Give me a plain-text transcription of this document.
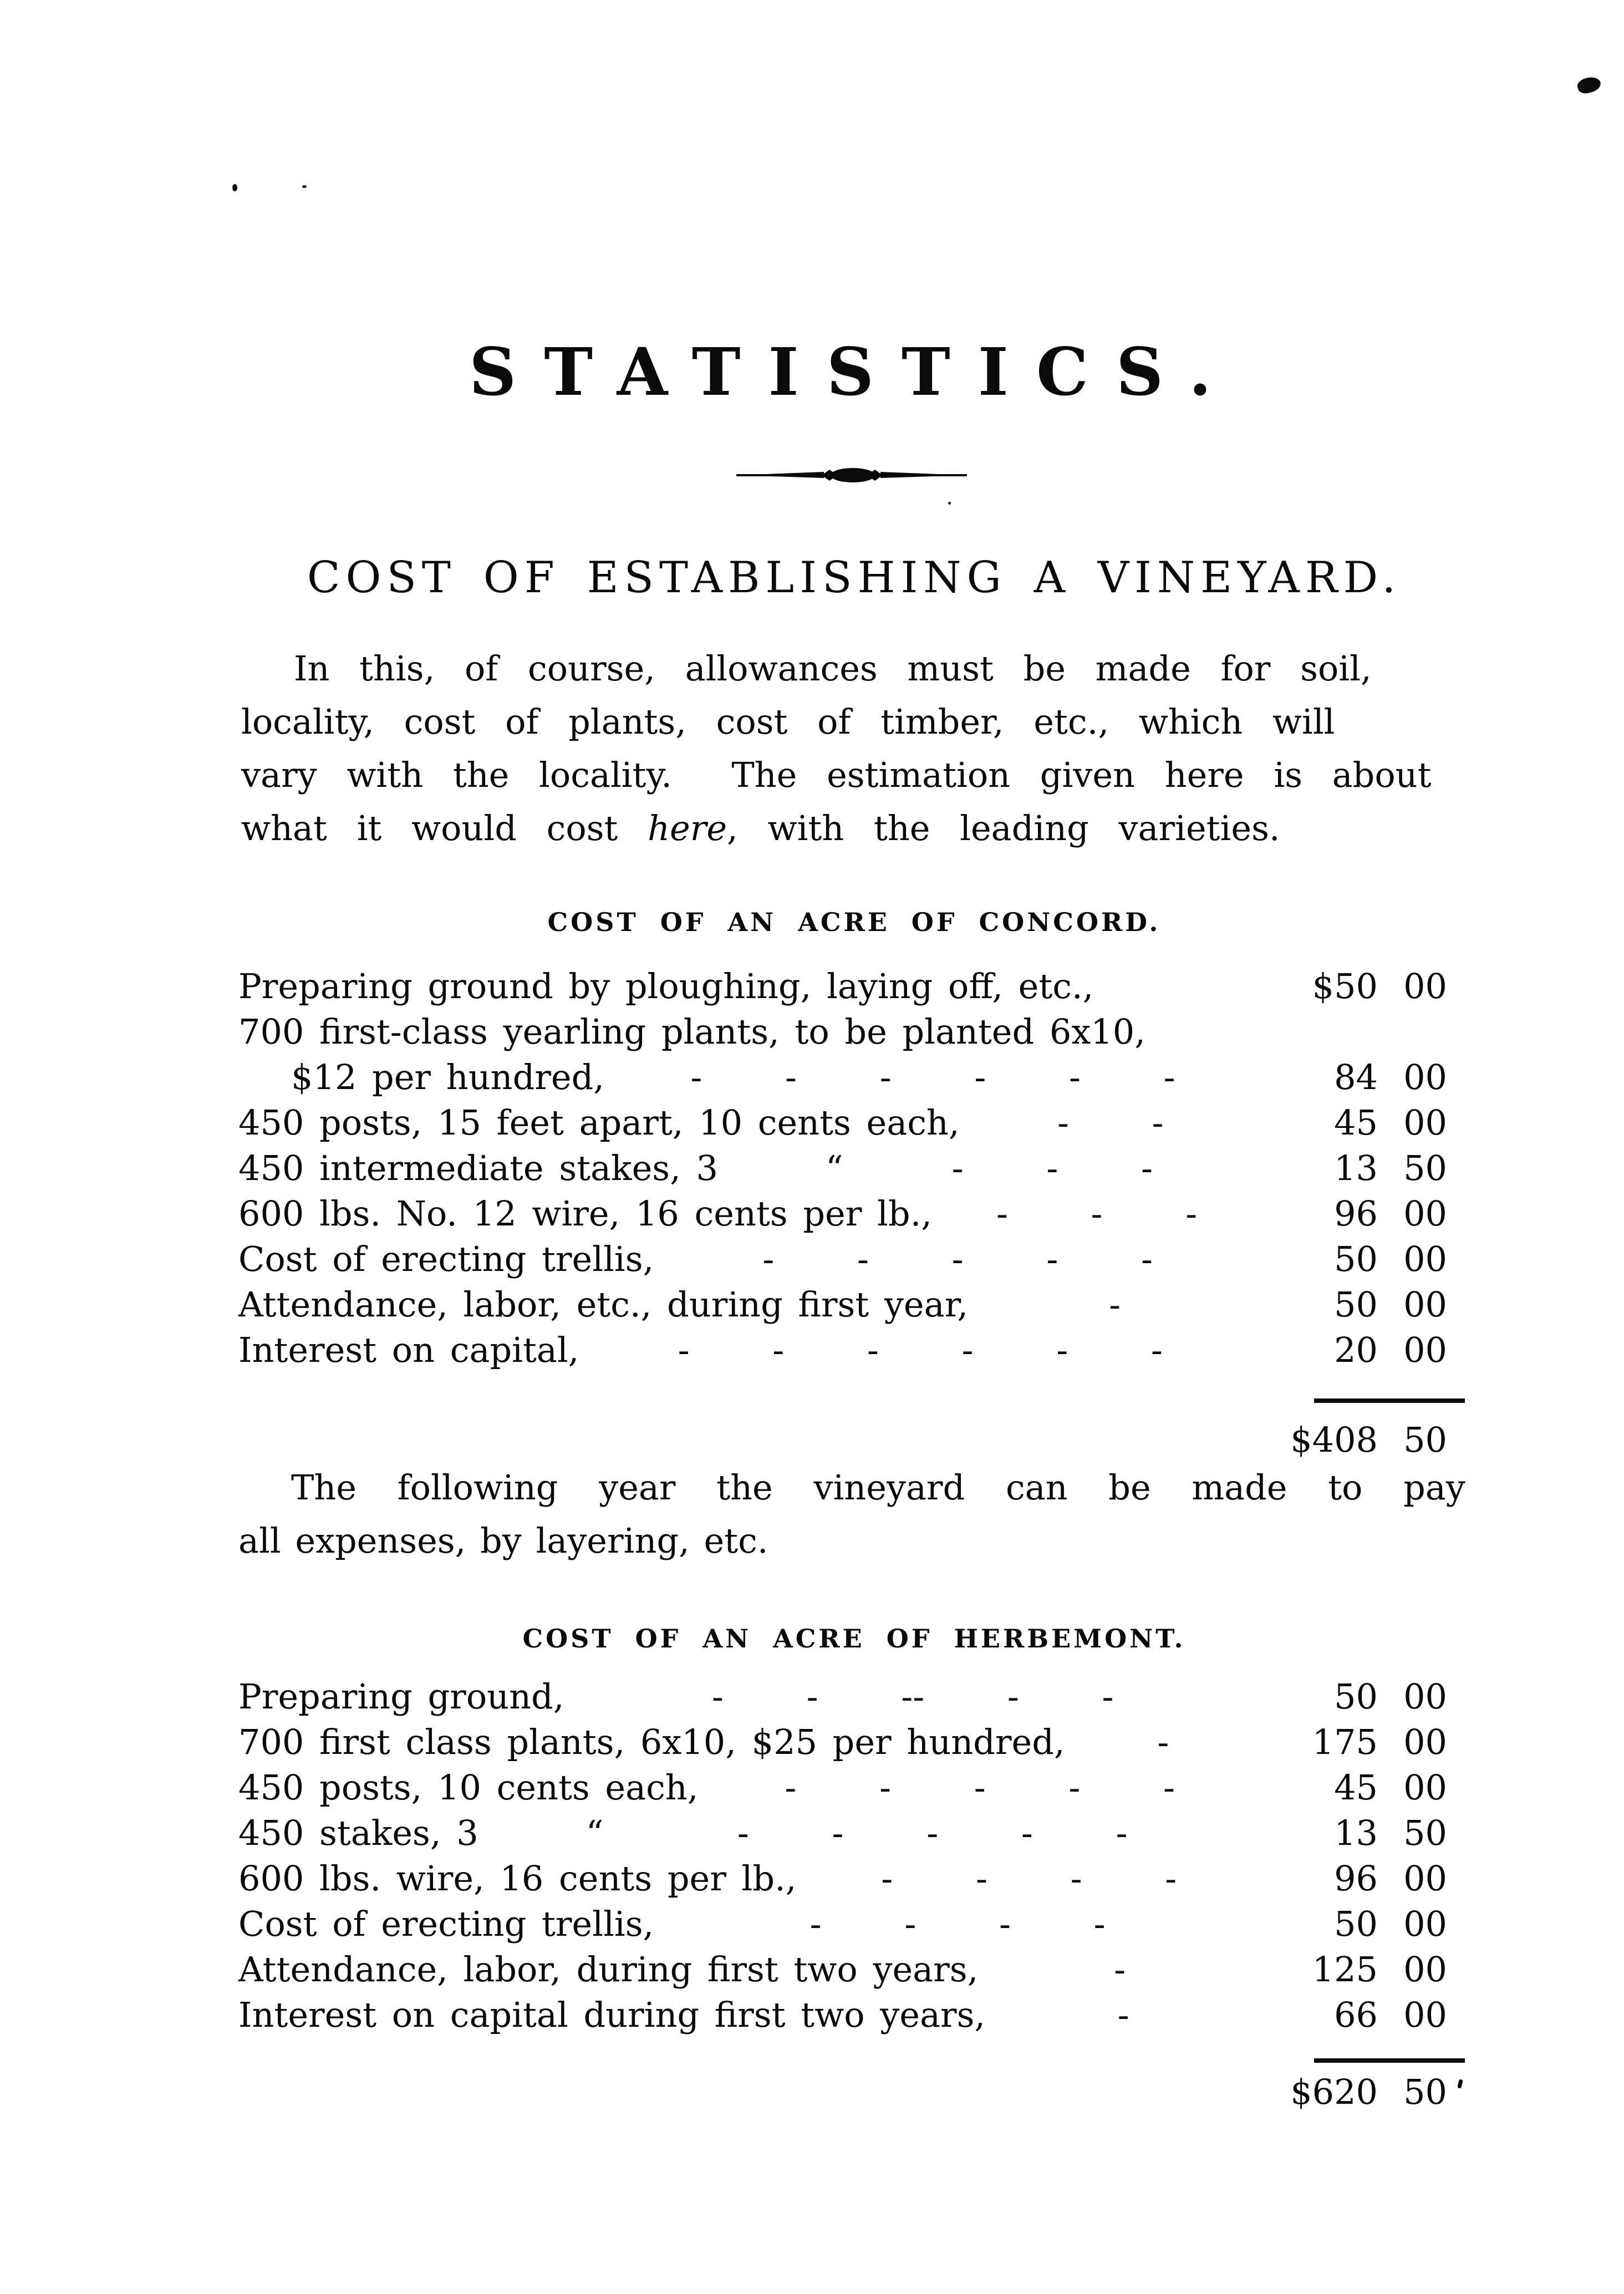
STATISTICS.
COST OF ESTABLISHING A VINEYARD.
In this, of course, allowances must be made for soil,
locality, cost of plants, cost of timber, etc., which will
vary with the locality.  The estimation given here is about
what it would cost here, with the leading varieties.
COST OF AN ACRE OF CONCORD.
Preparing ground by ploughing, laying off, etc.,	$50 00
700 first-class yearling plants, to be planted 6x10,
$12 per hundred,	- - - - - -	84 00
450 posts, 15 feet apart, 10 cents each,	- -	45 00
450 intermediate stakes, 3       “	- - -	13 50
600 lbs. No. 12 wire, 16 cents per lb.,	- - -	96 00
Cost of erecting trellis,	- - - - -	50 00
Attendance, labor, etc., during first year,	-	50 00
Interest on capital,	- - - - - -	20 00
$408 50
The following year the vineyard can be made to pay
all expenses, by layering, etc.
COST OF AN ACRE OF HERBEMONT.
Preparing ground,	- - -- - -	50 00
700 first class plants, 6x10, $25 per hundred,	-	175 00
450 posts, 10 cents each,	- - - - -	45 00
450 stakes, 3       “	- - - - -	13 50
600 lbs. wire, 16 cents per lb.,	- - - -	96 00
Cost of erecting trellis,	- - - -	50 00
Attendance, labor, during first two years,	-	125 00
Interest on capital during first two years,	-	66 00
$620 50
